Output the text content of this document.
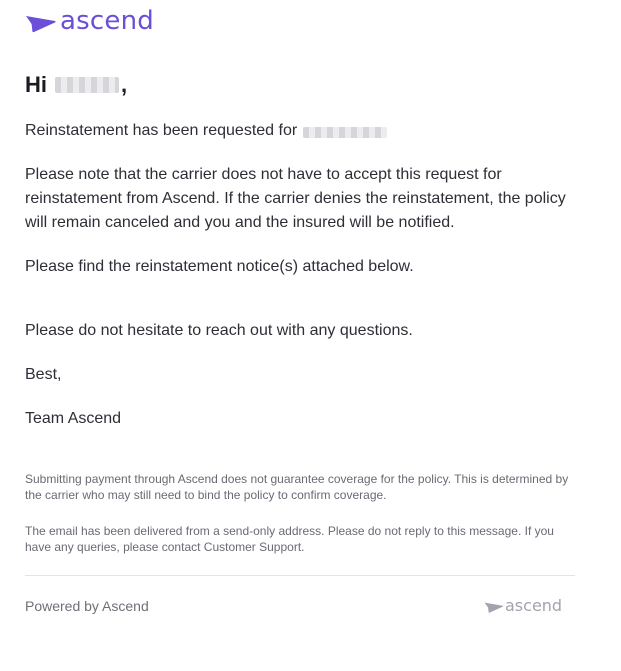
ascend
Hi	,
Reinstatement has been requested for

Please note that the carrier does not have to accept this request for reinstatement from Ascend. If the carrier denies the reinstatement, the policy will remain canceled and you and the insured will be notified.

Please find the reinstatement notice(s) attached below.

Please do not hesitate to reach out with any questions.

Best,

Team Ascend

Submitting payment through Ascend does not guarantee coverage for the policy. This is determined by the carrier who may still need to bind the policy to confirm coverage.

The email has been delivered from a send-only address. Please do not reply to this message. If you have any queries, please contact Customer Support.

Powered by Ascend	ascend
